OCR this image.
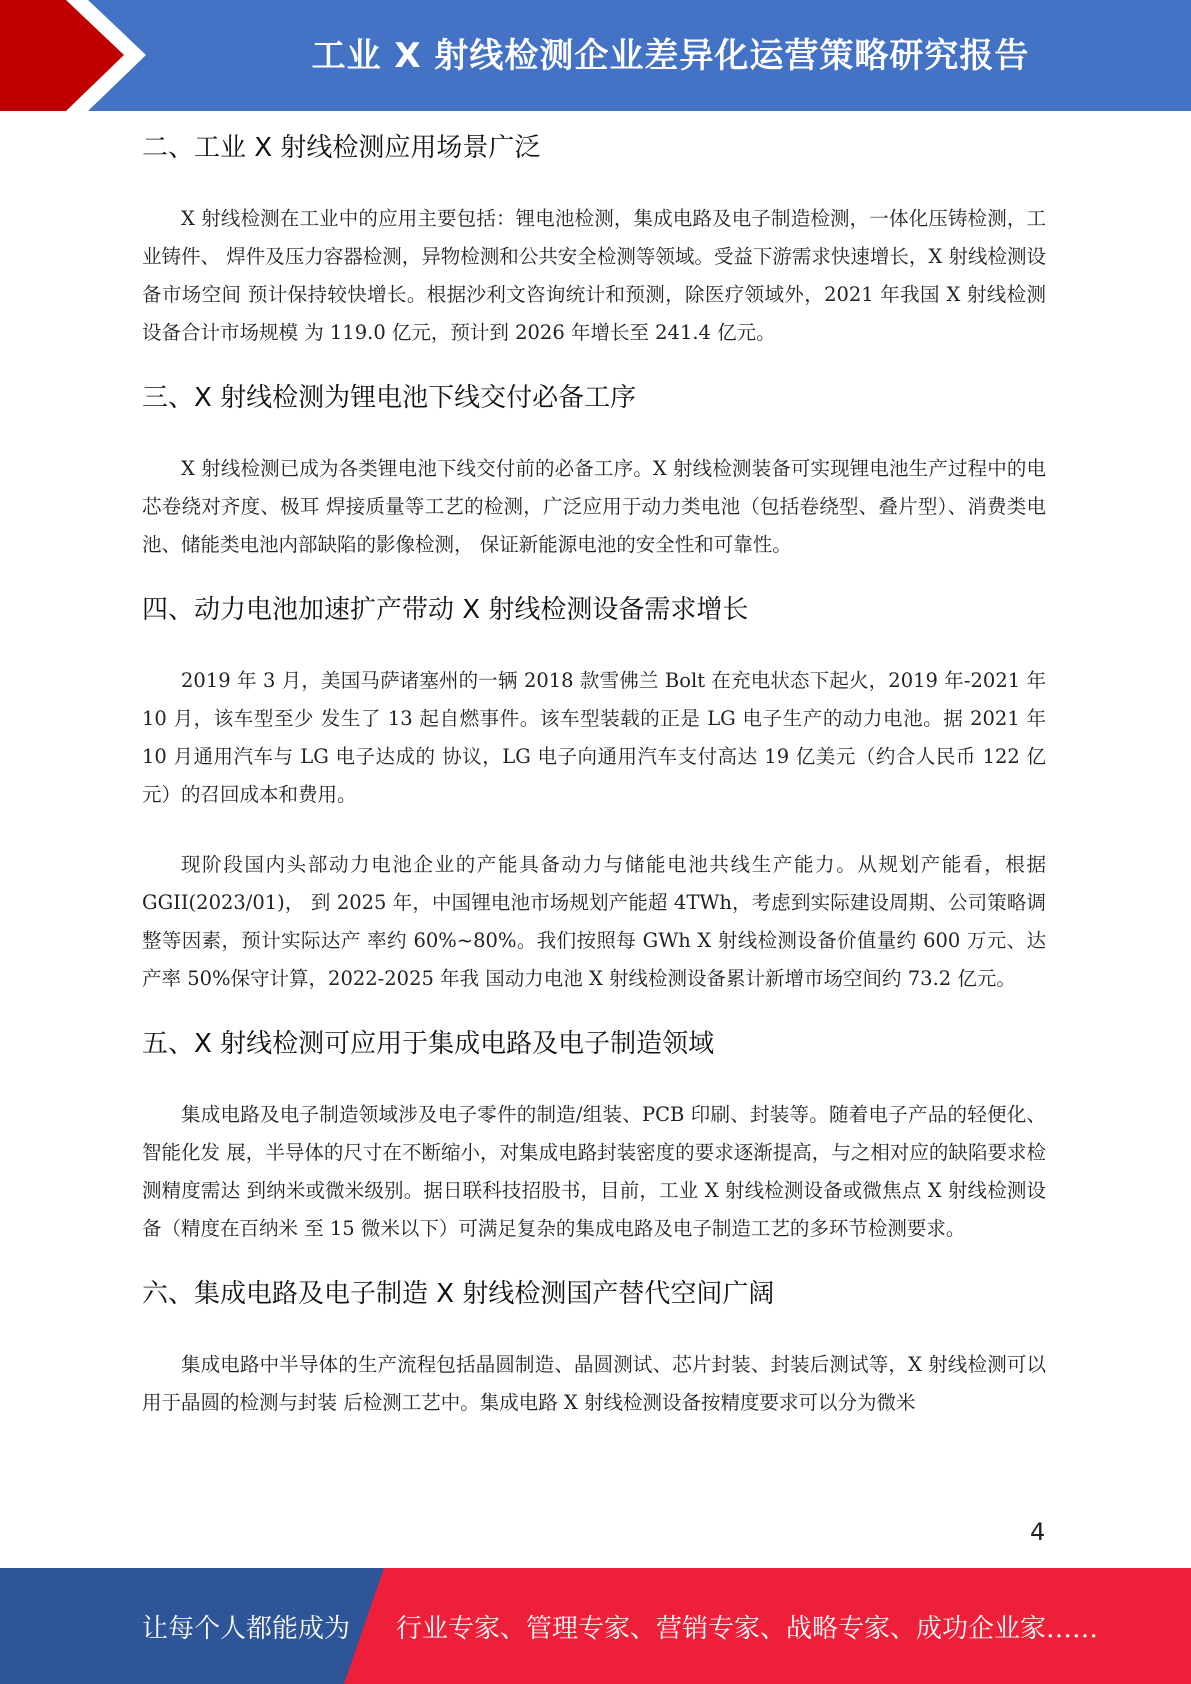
工业 X 射线检测企业差异化运营策略研究报告
二、工业 X 射线检测应用场景广泛

X 射线检测在工业中的应用主要包括：锂电池检测，集成电路及电子制造检测，一体化压铸检测，工业铸件、 焊件及压力容器检测，异物检测和公共安全检测等领域。受益下游需求快速增长，X 射线检测设备市场空间 预计保持较快增长。根据沙利文咨询统计和预测，除医疗领域外，2021 年我国 X 射线检测设备合计市场规模 为 119.0 亿元，预计到 2026 年增长至 241.4 亿元。

三、X 射线检测为锂电池下线交付必备工序

X 射线检测已成为各类锂电池下线交付前的必备工序。X 射线检测装备可实现锂电池生产过程中的电芯卷绕对齐度、极耳 焊接质量等工艺的检测，广泛应用于动力类电池（包括卷绕型、叠片型）、消费类电池、储能类电池内部缺陷的影像检测， 保证新能源电池的安全性和可靠性。

四、动力电池加速扩产带动 X 射线检测设备需求增长

2019 年 3 月，美国马萨诸塞州的一辆 2018 款雪佛兰 Bolt 在充电状态下起火，2019 年-2021 年 10 月，该车型至少 发生了 13 起自燃事件。该车型装载的正是 LG 电子生产的动力电池。据 2021 年 10 月通用汽车与 LG 电子达成的 协议，LG 电子向通用汽车支付高达 19 亿美元（约合人民币 122 亿元）的召回成本和费用。

现阶段国内头部动力电池企业的产能具备动力与储能电池共线生产能力。从规划产能看，根据 GGII(2023/01)， 到 2025 年，中国锂电池市场规划产能超 4TWh，考虑到实际建设周期、公司策略调整等因素，预计实际达产 率约 60%~80%。我们按照每 GWh X 射线检测设备价值量约 600 万元、达产率 50%保守计算，2022-2025 年我 国动力电池 X 射线检测设备累计新增市场空间约 73.2 亿元。

五、X 射线检测可应用于集成电路及电子制造领域

集成电路及电子制造领域涉及电子零件的制造/组装、PCB 印刷、封装等。随着电子产品的轻便化、智能化发 展，半导体的尺寸在不断缩小，对集成电路封装密度的要求逐渐提高，与之相对应的缺陷要求检测精度需达 到纳米或微米级别。据日联科技招股书，目前，工业 X 射线检测设备或微焦点 X 射线检测设备（精度在百纳米 至 15 微米以下）可满足复杂的集成电路及电子制造工艺的多环节检测要求。

六、集成电路及电子制造 X 射线检测国产替代空间广阔

集成电路中半导体的生产流程包括晶圆制造、晶圆测试、芯片封装、封装后测试等，X 射线检测可以用于晶圆的检测与封装 后检测工艺中。集成电路 X 射线检测设备按精度要求可以分为微米

4
让每个人都能成为 行业专家、管理专家、营销专家、战略专家、成功企业家……
